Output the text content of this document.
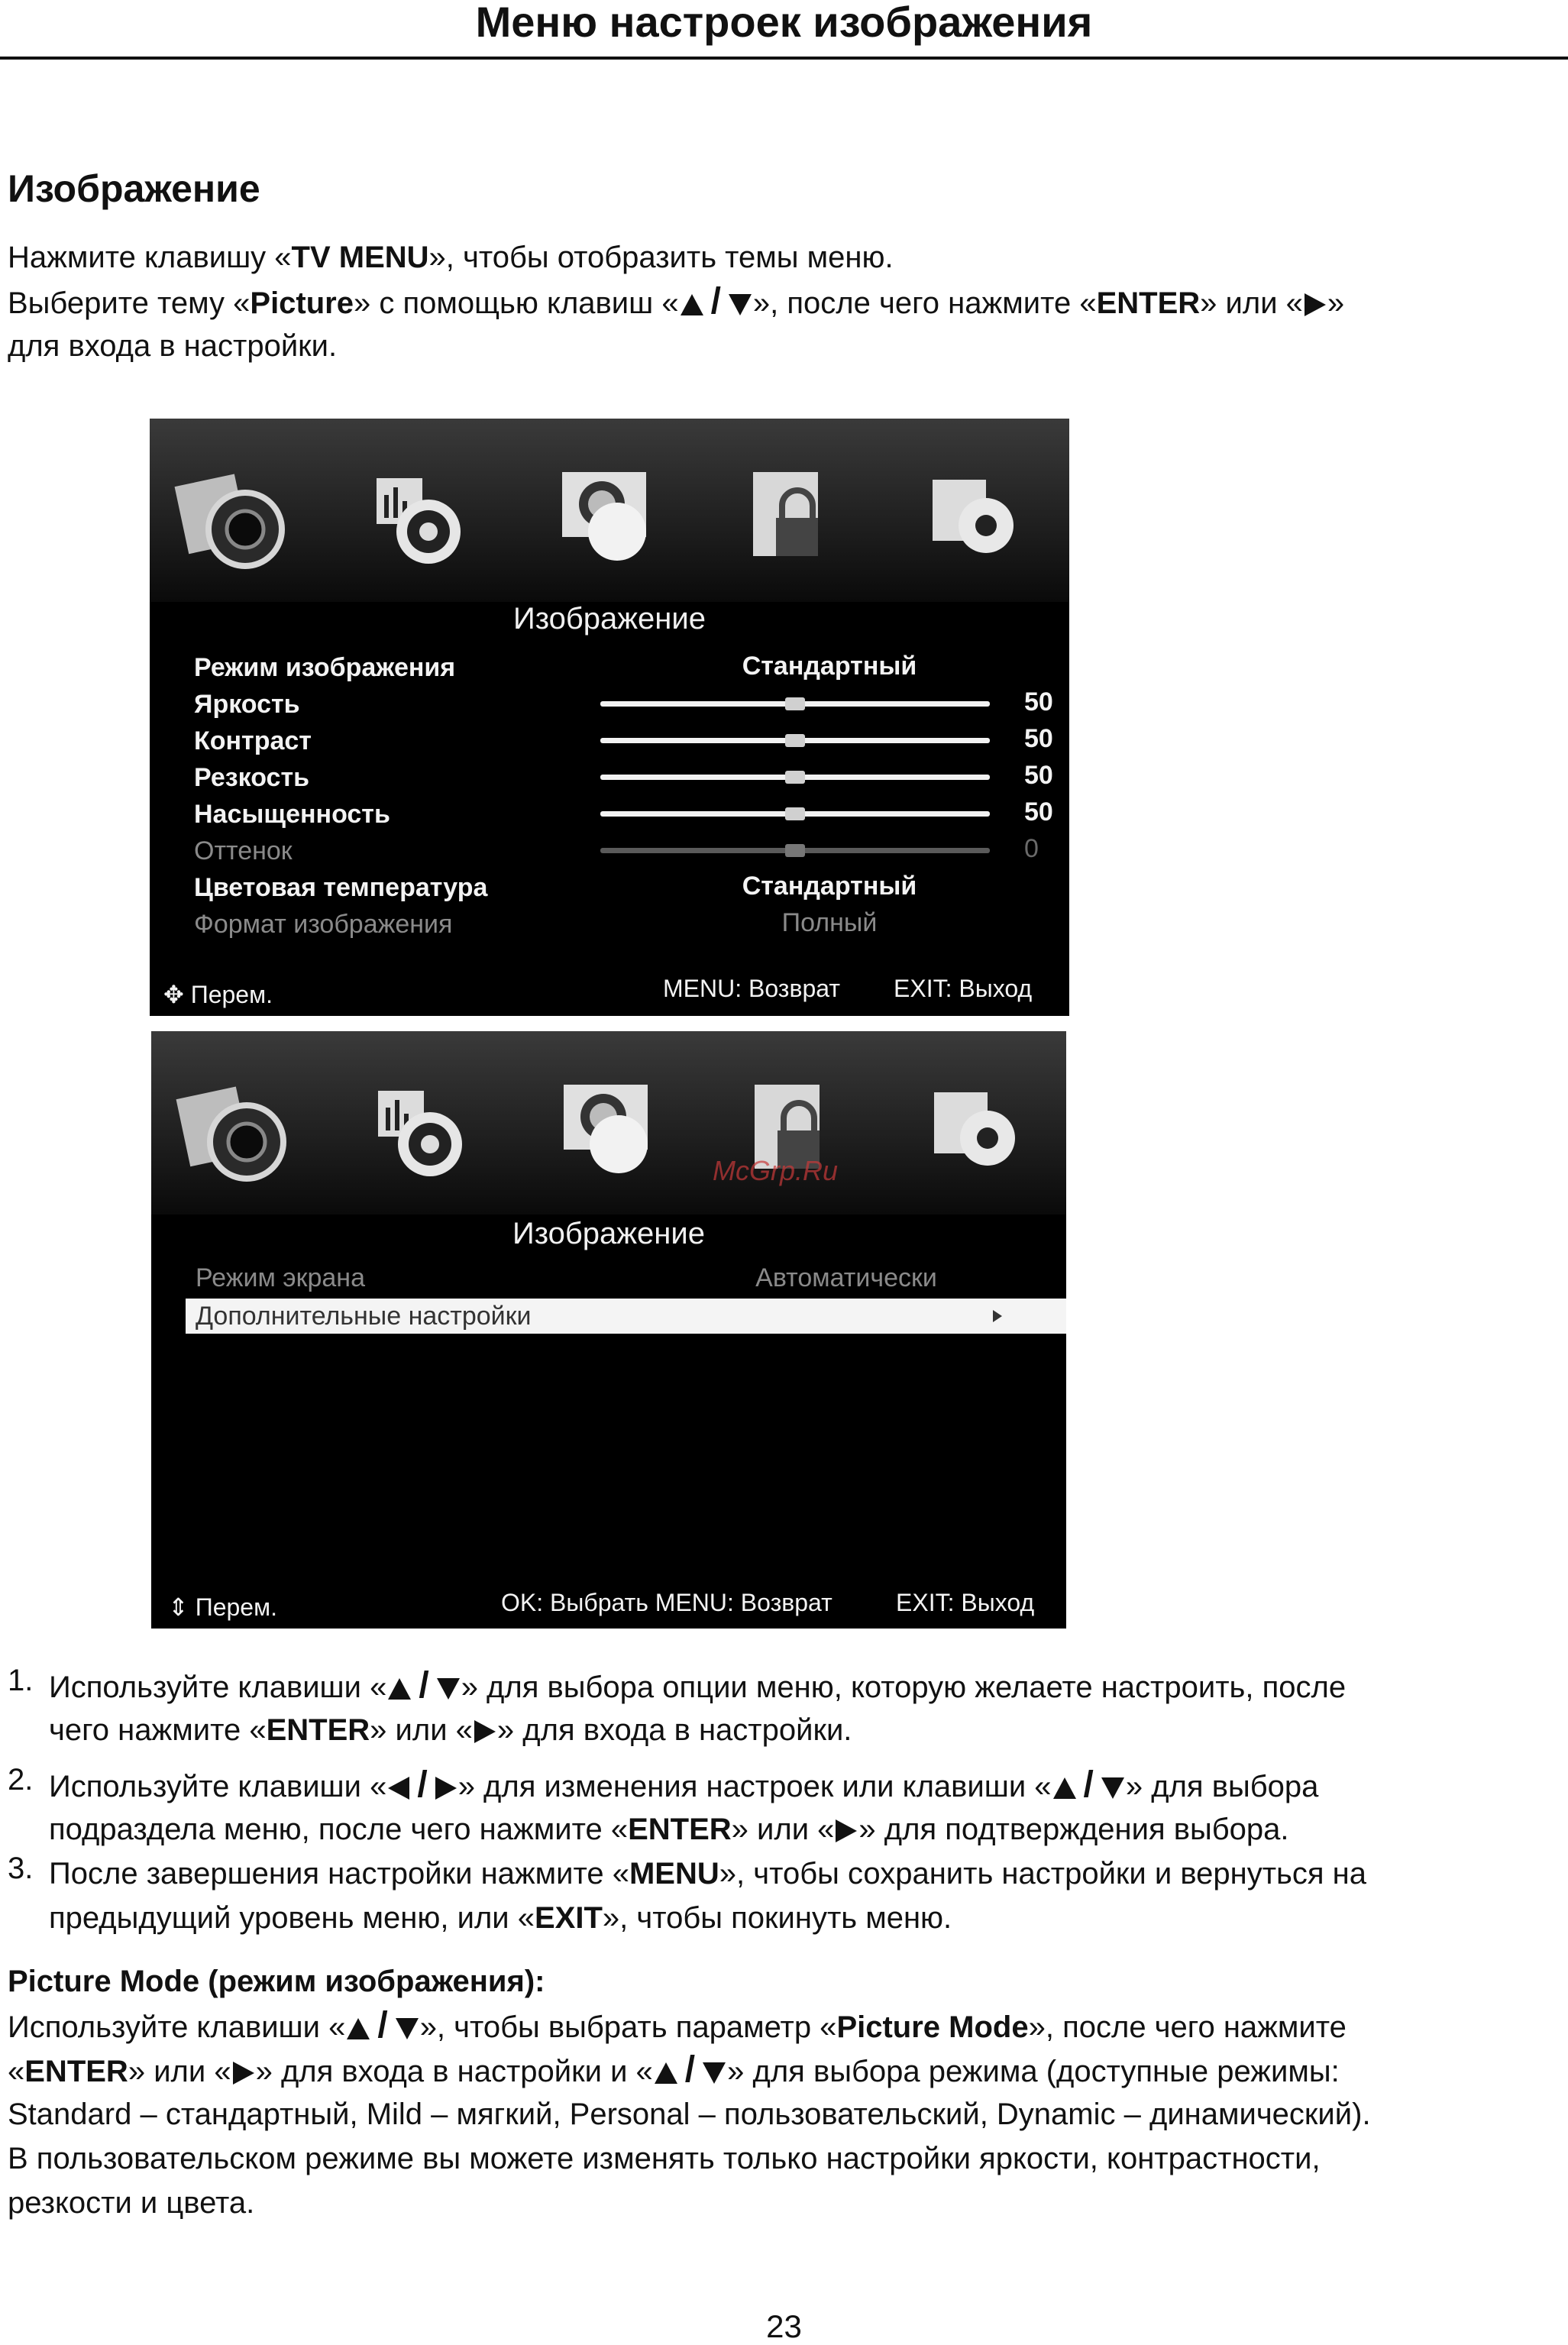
Меню настроек изображения
Изображение
Нажмите клавишу «TV MENU», чтобы отобразить темы меню.
Выберите тему «Picture» с помощью клавиш « / », после чего нажмите «ENTER» или « »
для входа в настройки.
Изображение
Режим изображения	Стандартный
Яркость	50
Контраст	50
Резкость	50
Насыщенность	50
Оттенок	0
Цветовая температура	Стандартный
Формат изображения	Полный
✥ Перем.	MENU: Возврат EXIT: Выход
McGrp.Ru
Изображение
Режим экрана	Автоматически
Дополнительные настройки
⇕ Перем.	OK: Выбрать MENU: Возврат	EXIT: Выход
1. Используйте клавиши « / » для выбора опции меню, которую желаете настроить, после
чего нажмите «ENTER» или « » для входа в настройки.
2. Используйте клавиши « / » для изменения настроек или клавиши « / » для выбора
подраздела меню, после чего нажмите «ENTER» или « » для подтверждения выбора.
3. После завершения настройки нажмите «MENU», чтобы сохранить настройки и вернуться на
предыдущий уровень меню, или «EXIT», чтобы покинуть меню.
Picture Mode (режим изображения):
Используйте клавиши « / », чтобы выбрать параметр «Picture Mode», после чего нажмите
«ENTER» или « » для входа в настройки и « / » для выбора режима (доступные режимы:
Standard – стандартный, Mild – мягкий, Personal – пользовательский, Dynamic – динамический).
В пользовательском режиме вы можете изменять только настройки яркости, контрастности,
резкости и цвета.
23
